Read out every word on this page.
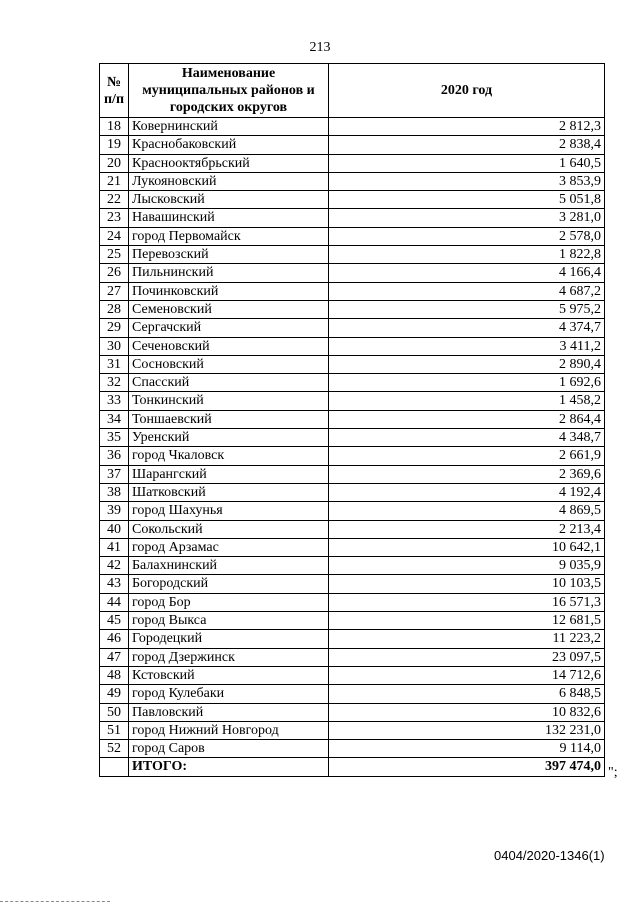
213
№ п/п	Наименование муниципальных районов и городских округов	2020 год
18	Ковернинский	2 812,3
19	Краснобаковский	2 838,4
20	Краснооктябрьский	1 640,5
21	Лукояновский	3 853,9
22	Лысковский	5 051,8
23	Навашинский	3 281,0
24	город Первомайск	2 578,0
25	Перевозский	1 822,8
26	Пильнинский	4 166,4
27	Починковский	4 687,2
28	Семеновский	5 975,2
29	Сергачский	4 374,7
30	Сеченовский	3 411,2
31	Сосновский	2 890,4
32	Спасский	1 692,6
33	Тонкинский	1 458,2
34	Тоншаевский	2 864,4
35	Уренский	4 348,7
36	город Чкаловск	2 661,9
37	Шарангский	2 369,6
38	Шатковский	4 192,4
39	город Шахунья	4 869,5
40	Сокольский	2 213,4
41	город Арзамас	10 642,1
42	Балахнинский	9 035,9
43	Богородский	10 103,5
44	город Бор	16 571,3
45	город Выкса	12 681,5
46	Городецкий	11 223,2
47	город Дзержинск	23 097,5
48	Кстовский	14 712,6
49	город Кулебаки	6 848,5
50	Павловский	10 832,6
51	город Нижний Новгород	132 231,0
52	город Саров	9 114,0
	ИТОГО:	397 474,0 ";
0404/2020-1346(1)
